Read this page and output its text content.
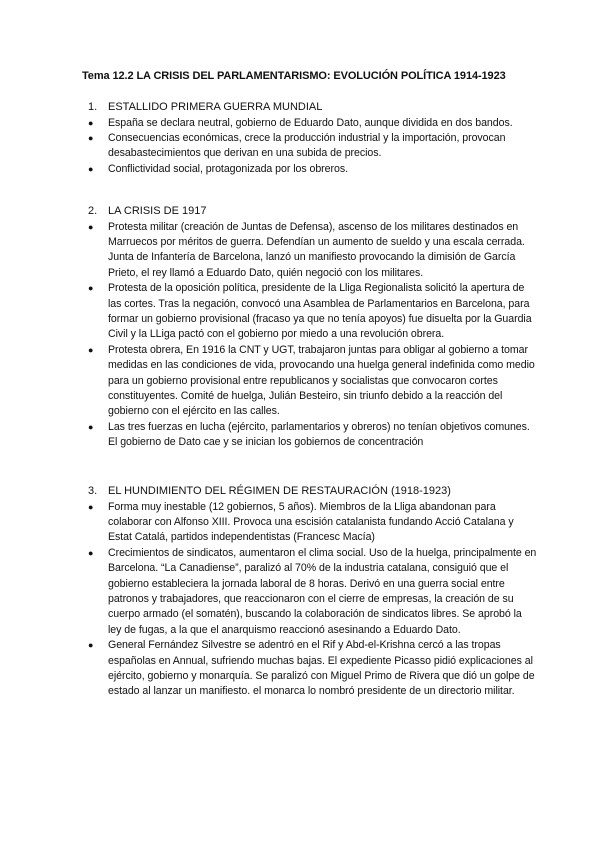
Tema 12.2 LA CRISIS DEL PARLAMENTARISMO: EVOLUCIÓN POLÍTICA 1914-1923
1. ESTALLIDO PRIMERA GUERRA MUNDIAL
● España se declara neutral, gobierno de Eduardo Dato, aunque dividida en dos bandos.
● Consecuencias económicas, crece la producción industrial y la importación, provocan desabastecimientos que derivan en una subida de precios.
● Conflictividad social, protagonizada por los obreros.
2. LA CRISIS DE 1917
● Protesta militar (creación de Juntas de Defensa), ascenso de los militares destinados en Marruecos por méritos de guerra. Defendían un aumento de sueldo y una escala cerrada. Junta de Infantería de Barcelona, lanzó un manifiesto provocando la dimisión de García Prieto, el rey llamó a Eduardo Dato, quién negoció con los militares.
● Protesta de la oposición política, presidente de la Lliga Regionalista solicitó la apertura de las cortes. Tras la negación, convocó una Asamblea de Parlamentarios en Barcelona, para formar un gobierno provisional (fracaso ya que no tenía apoyos) fue disuelta por la Guardia Civil y la LLiga pactó con el gobierno por miedo a una revolución obrera.
● Protesta obrera, En 1916 la CNT y UGT, trabajaron juntas para obligar al gobierno a tomar medidas en las condiciones de vida, provocando una huelga general indefinida como medio para un gobierno provisional entre republicanos y socialistas que convocaron cortes constituyentes. Comité de huelga, Julián Besteiro, sin triunfo debido a la reacción del gobierno con el ejército en las calles.
● Las tres fuerzas en lucha (ejército, parlamentarios y obreros) no tenían objetivos comunes. El gobierno de Dato cae y se inician los gobiernos de concentración
3. EL HUNDIMIENTO DEL RÉGIMEN DE RESTAURACIÓN (1918-1923)
● Forma muy inestable (12 gobiernos, 5 años). Miembros de la Lliga abandonan para colaborar con Alfonso XIII. Provoca una escisión catalanista fundando Acció Catalana y Estat Catalá, partidos independentistas (Francesc Macía)
● Crecimientos de sindicatos, aumentaron el clima social. Uso de la huelga, principalmente en Barcelona. “La Canadiense”, paralizó al 70% de la industria catalana, consiguió que el gobierno estableciera la jornada laboral de 8 horas. Derivó en una guerra social entre patronos y trabajadores, que reaccionaron con el cierre de empresas, la creación de su cuerpo armado (el somatén), buscando la colaboración de sindicatos libres. Se aprobó la ley de fugas, a la que el anarquismo reaccionó asesinando a Eduardo Dato.
● General Fernández Silvestre se adentró en el Rif y Abd-el-Krishna cercó a las tropas españolas en Annual, sufriendo muchas bajas. El expediente Picasso pidió explicaciones al ejército, gobierno y monarquía. Se paralizó con Miguel Primo de Rivera que dió un golpe de estado al lanzar un manifiesto. el monarca lo nombró presidente de un directorio militar.
